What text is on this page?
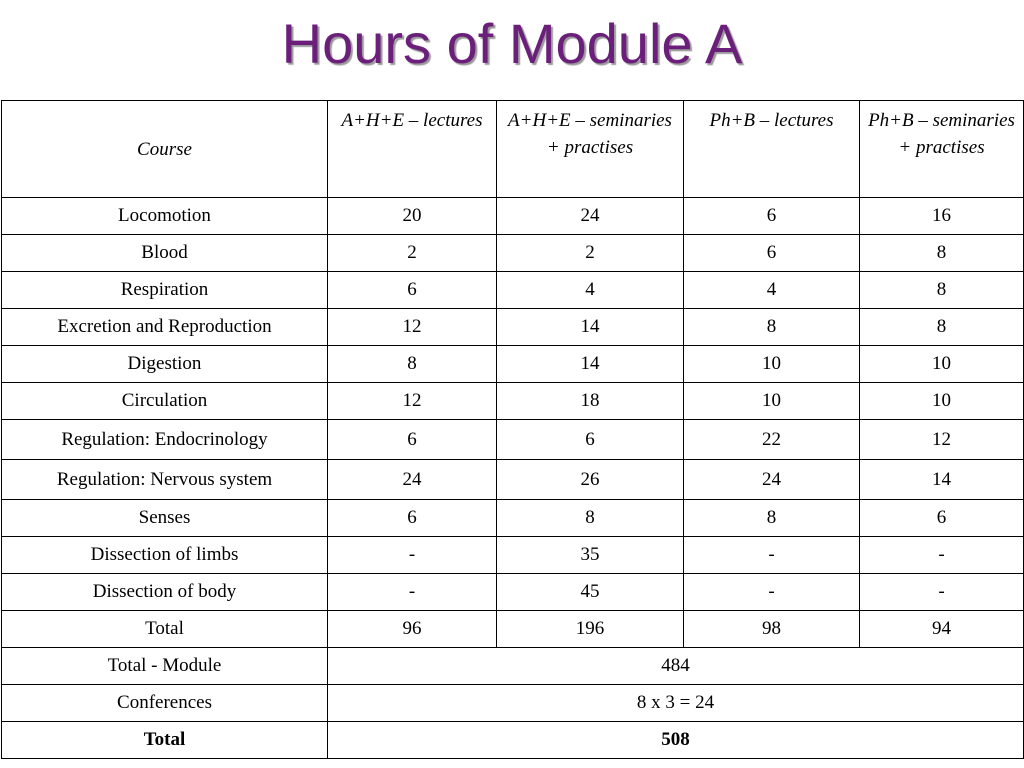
Hours of Module A
Course	A+H+E – lectures	A+H+E – seminaries + practises	Ph+B – lectures	Ph+B – seminaries + practises
Locomotion	20	24	6	16
Blood	2	2	6	8
Respiration	6	4	4	8
Excretion and Reproduction	12	14	8	8
Digestion	8	14	10	10
Circulation	12	18	10	10
Regulation: Endocrinology	6	6	22	12
Regulation: Nervous system	24	26	24	14
Senses	6	8	8	6
Dissection of limbs	-	35	-	-
Dissection of body	-	45	-	-
Total	96	196	98	94
Total - Module	484			
Conferences	8 x 3 = 24			
Total	508			
